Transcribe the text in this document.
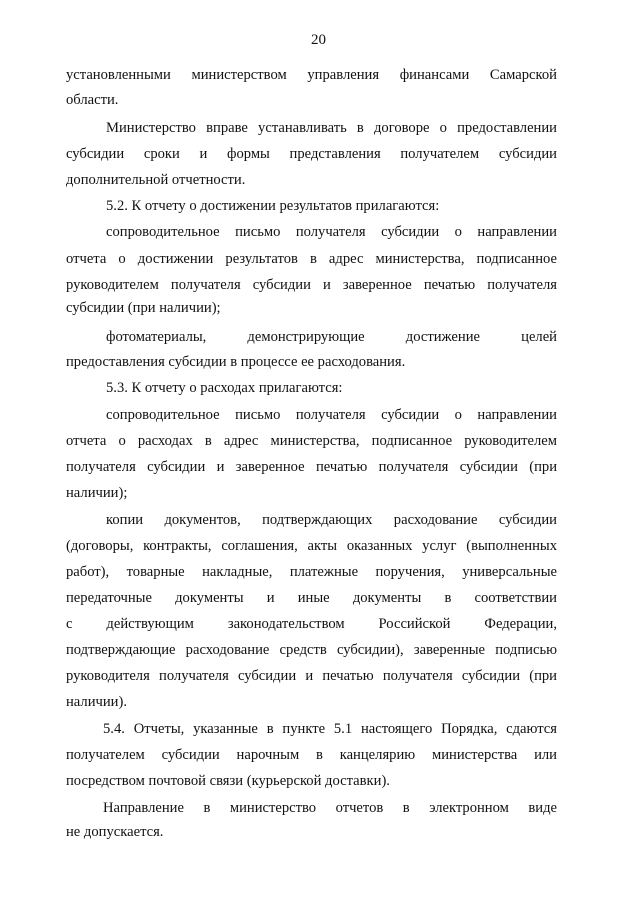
20
установленными министерством управления финансами Самарской
области.
Министерство вправе устанавливать в договоре о предоставлении
субсидии сроки и формы представления получателем субсидии
дополнительной отчетности.
5.2. К отчету о достижении результатов прилагаются:
сопроводительное письмо получателя субсидии о направлении
отчета о достижении результатов в адрес министерства, подписанное
руководителем получателя субсидии и заверенное печатью получателя
субсидии (при наличии);
фотоматериалы, демонстрирующие достижение целей
предоставления субсидии в процессе ее расходования.
5.3. К отчету о расходах прилагаются:
сопроводительное письмо получателя субсидии о направлении
отчета о расходах в адрес министерства, подписанное руководителем
получателя субсидии и заверенное печатью получателя субсидии (при
наличии);
копии документов, подтверждающих расходование субсидии
(договоры, контракты, соглашения, акты оказанных услуг (выполненных
работ), товарные накладные, платежные поручения, универсальные
передаточные документы и иные документы в соответствии
с действующим законодательством Российской Федерации,
подтверждающие расходование средств субсидии), заверенные подписью
руководителя получателя субсидии и печатью получателя субсидии (при
наличии).
5.4. Отчеты, указанные в пункте 5.1 настоящего Порядка, сдаются
получателем субсидии нарочным в канцелярию министерства или
посредством почтовой связи (курьерской доставки).
Направление в министерство отчетов в электронном виде
не допускается.
